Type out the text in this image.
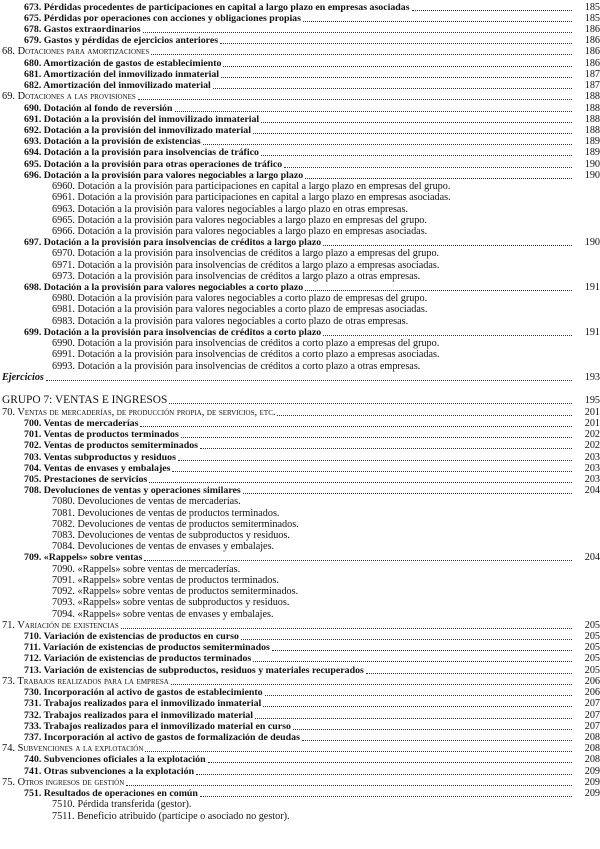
673. Pérdidas procedentes de participaciones en capital a largo plazo en empresas asociadas	185
675. Pérdidas por operaciones con acciones y obligaciones propias	185
678. Gastos extraordinarios	186
679. Gastos y pérdidas de ejercicios anteriores	186
68. Dotaciones para amortizaciones	186
680. Amortización de gastos de establecimiento	186
681. Amortización del inmovilizado inmaterial	187
682. Amortización del inmovilizado material	187
69. Dotaciones a las provisiones	188
690. Dotación al fondo de reversión	188
691. Dotación a la provisión del inmovilizado inmaterial	188
692. Dotación a la provisión del inmovilizado material	188
693. Dotación a la provisión de existencias	189
694. Dotación a la provisión para insolvencias de tráfico	189
695. Dotación a la provisión para otras operaciones de tráfico	190
696. Dotación a la provisión para valores negociables a largo plazo	190
6960. Dotación a la provisión para participaciones en capital a largo plazo en empresas del grupo.
6961. Dotación a la provisión para participaciones en capital a largo plazo en empresas asociadas.
6963. Dotación a la provisión para valores negociables a largo plazo en otras empresas.
6965. Dotación a la provisión para valores negociables a largo plazo en empresas del grupo.
6966. Dotación a la provisión para valores negociables a largo plazo en empresas asociadas.
697. Dotación a la provisión para insolvencias de créditos a largo plazo	190
6970. Dotación a la provisión para insolvencias de créditos a largo plazo a empresas del grupo.
6971. Dotación a la provisión para insolvencias de créditos a largo plazo a empresas asociadas.
6973. Dotación a la provisión para insolvencias de créditos a largo plazo a otras empresas.
698. Dotación a la provisión para valores negociables a corto plazo	191
6980. Dotación a la provisión para valores negociables a corto plazo de empresas del grupo.
6981. Dotación a la provisión para valores negociables a corto plazo de empresas asociadas.
6983. Dotación a la provisión para valores negociables a corto plazo de otras empresas.
699. Dotación a la provisión para insolvencias de créditos a corto plazo	191
6990. Dotación a la provisión para insolvencias de créditos a corto plazo a empresas del grupo.
6991. Dotación a la provisión para insolvencias de créditos a corto plazo a empresas asociadas.
6993. Dotación a la provisión para insolvencias de créditos a corto plazo a otras empresas.
Ejercicios	193
GRUPO 7: VENTAS E INGRESOS	195
70. Ventas de mercaderías, de producción propia, de servicios, etc.	201
700. Ventas de mercaderías	201
701. Ventas de productos terminados	202
702. Ventas de productos semiterminados	202
703. Ventas subproductos y residuos	203
704. Ventas de envases y embalajes	203
705. Prestaciones de servicios	203
708. Devoluciones de ventas y operaciones similares	204
7080. Devoluciones de ventas de mercaderías.
7081. Devoluciones de ventas de productos terminados.
7082. Devoluciones de ventas de productos semiterminados.
7083. Devoluciones de ventas de subproductos y residuos.
7084. Devoluciones de ventas de envases y embalajes.
709. «Rappels» sobre ventas	204
7090. «Rappels» sobre ventas de mercaderías.
7091. «Rappels» sobre ventas de productos terminados.
7092. «Rappels» sobre ventas de productos semiterminados.
7093. «Rappels» sobre ventas de subproductos y residuos.
7094. «Rappels» sobre ventas de envases y embalajes.
71. Variación de existencias	205
710. Variación de existencias de productos en curso	205
711. Variación de existencias de productos semiterminados	205
712. Variación de existencias de productos terminados	205
713. Variación de existencias de subproductos, residuos y materiales recuperados	205
73. Trabajos realizados para la empresa	206
730. Incorporación al activo de gastos de establecimiento	206
731. Trabajos realizados para el inmovilizado inmaterial	207
732. Trabajos realizados para el inmovilizado material	207
733. Trabajos realizados para el inmovilizado material en curso	207
737. Incorporación al activo de gastos de formalización de deudas	208
74. Subvenciones a la explotación	208
740. Subvenciones oficiales a la explotación	208
741. Otras subvenciones a la explotación	209
75. Otros ingresos de gestión	209
751. Resultados de operaciones en común	209
7510. Pérdida transferida (gestor).
7511. Beneficio atribuido (partícipe o asociado no gestor).
